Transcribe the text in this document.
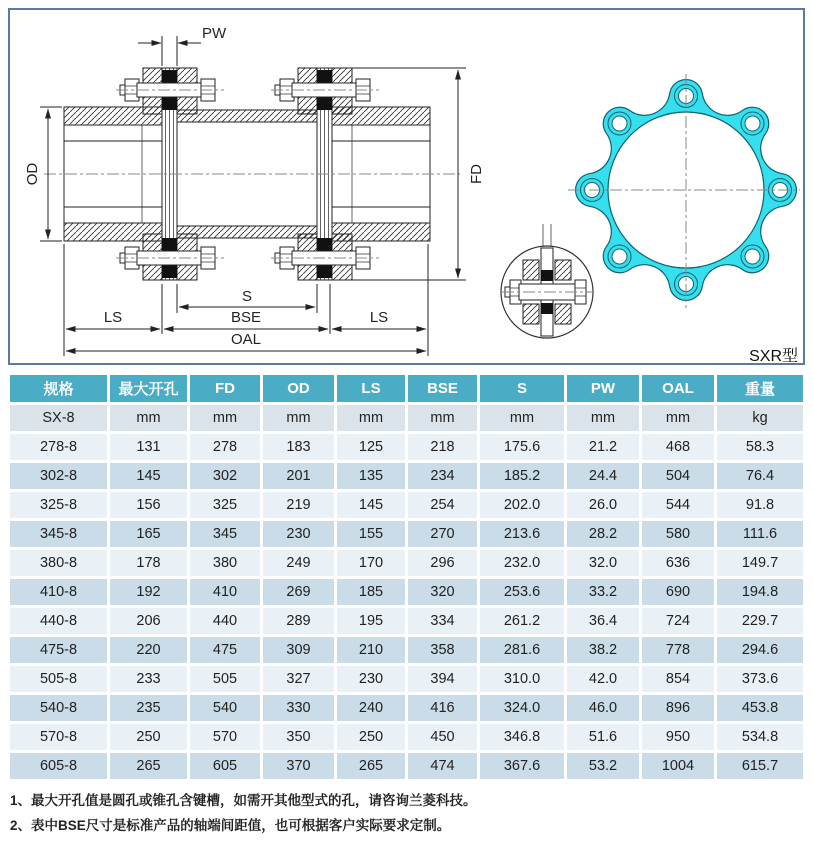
PW
OD	FD
S
LS	BSE	LS
OAL
SXR型
规格	最大开孔	FD	OD	LS	BSE	S	PW	OAL	重量
SX-8	mm	mm	mm	mm	mm	mm	mm	mm	kg
278-8	131	278	183	125	218	175.6	21.2	468	58.3
302-8	145	302	201	135	234	185.2	24.4	504	76.4
325-8	156	325	219	145	254	202.0	26.0	544	91.8
345-8	165	345	230	155	270	213.6	28.2	580	111.6
380-8	178	380	249	170	296	232.0	32.0	636	149.7
410-8	192	410	269	185	320	253.6	33.2	690	194.8
440-8	206	440	289	195	334	261.2	36.4	724	229.7
475-8	220	475	309	210	358	281.6	38.2	778	294.6
505-8	233	505	327	230	394	310.0	42.0	854	373.6
540-8	235	540	330	240	416	324.0	46.0	896	453.8
570-8	250	570	350	250	450	346.8	51.6	950	534.8
605-8	265	605	370	265	474	367.6	53.2	1004	615.7

1、最大开孔值是圆孔或锥孔含键槽，如需开其他型式的孔，请咨询兰菱科技。

2、表中BSE尺寸是标准产品的轴端间距值，也可根据客户实际要求定制。
